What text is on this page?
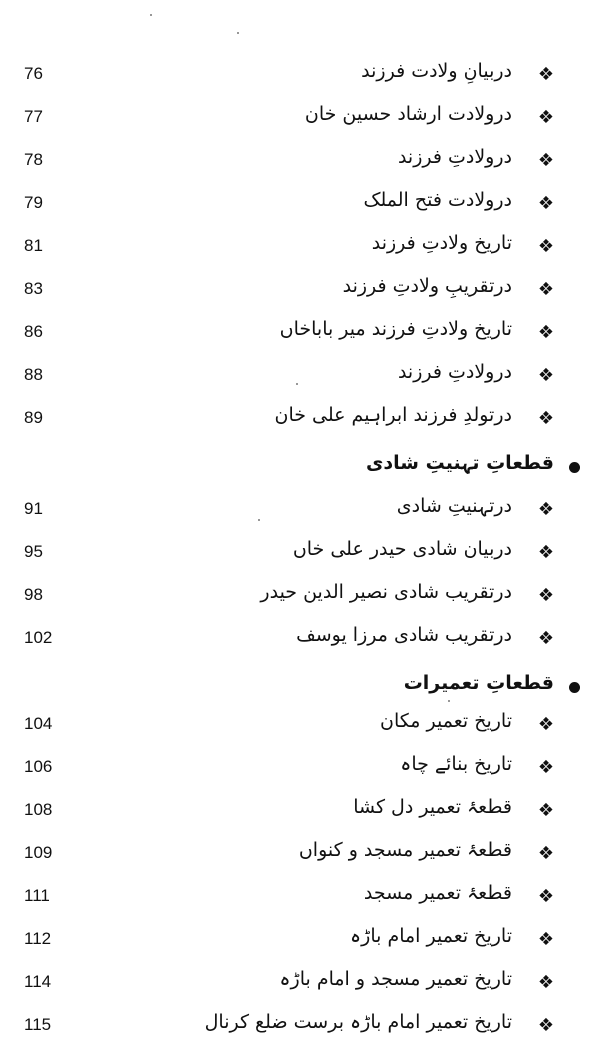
76	دربیانِ ولادت فرزند ❖
77	درولادت ارشاد حسین خان ❖
78	درولادتِ فرزند ❖
79	درولادت فتح الملک ❖
81	تاریخ ولادتِ فرزند ❖
83	درتقریبِ ولادتِ فرزند ❖
86	تاریخ ولادتِ فرزند میر باباخاں ❖
88	درولادتِ فرزند ❖
89	درتولدِ فرزند ابراہیم علی خان ❖
قطعاتِ تہنیتِ شادی
91	درتہنیتِ شادی ❖
95	دربیان شادی حیدر علی خاں ❖
98	درتقریب شادی نصیر الدین حیدر ❖
102	درتقریب شادی مرزا یوسف ❖
قطعاتِ تعمیرات
104	تاریخ تعمیر مکان ❖
106	تاریخ بنائے چاہ ❖
108	قطعۂ تعمیر دل کشا ❖
109	قطعۂ تعمیر مسجد و کنواں ❖
111	قطعۂ تعمیر مسجد ❖
112	تاریخ تعمیر امام باڑہ ❖
114	تاریخ تعمیر مسجد و امام باڑہ ❖
115	تاریخ تعمیر امام باڑہ برست ضلع کرنال ❖
